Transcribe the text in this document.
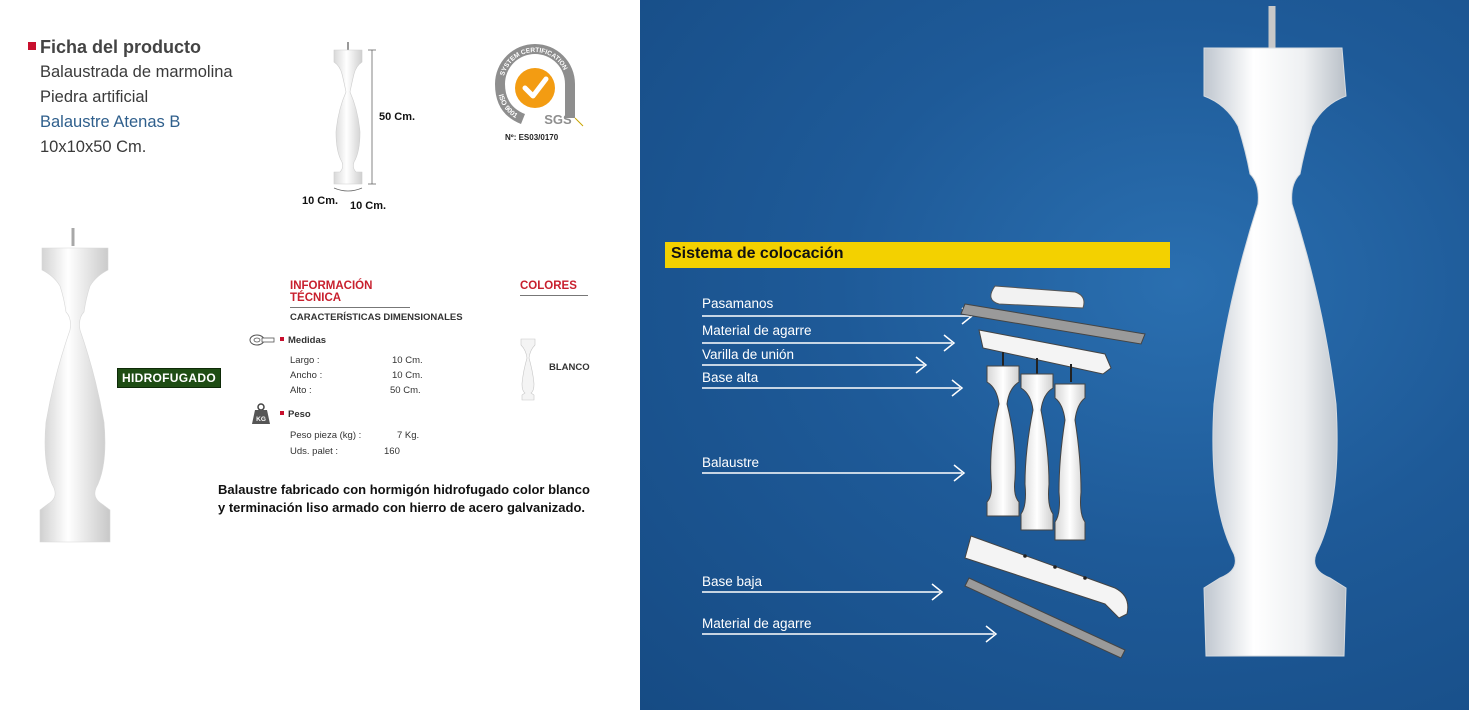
Ficha del producto
Balaustrada de marmolina
Piedra artificial
Balaustre Atenas B
10x10x50 Cm.
50 Cm.
10 Cm. 10 Cm.
SYSTEM CERTIFICATION
ISO 9001 SGS
Nº: ES03/0170
HIDROFUGADO
INFORMACIÓN TÉCNICA
CARACTERÍSTICAS DIMENSIONALES
Medidas
Largo :	10 Cm.
Ancho :	10 Cm.
Alto :	50 Cm.
KG	Peso
Peso pieza (kg) :	7 Kg.
Uds. palet :	160
COLORES
BLANCO
Balaustre fabricado con hormigón hidrofugado color blanco
y terminación liso armado con hierro de acero galvanizado.
Sistema de colocación
Pasamanos
Material de agarre
Varilla de unión
Base alta
Balaustre
Base baja
Material de agarre
